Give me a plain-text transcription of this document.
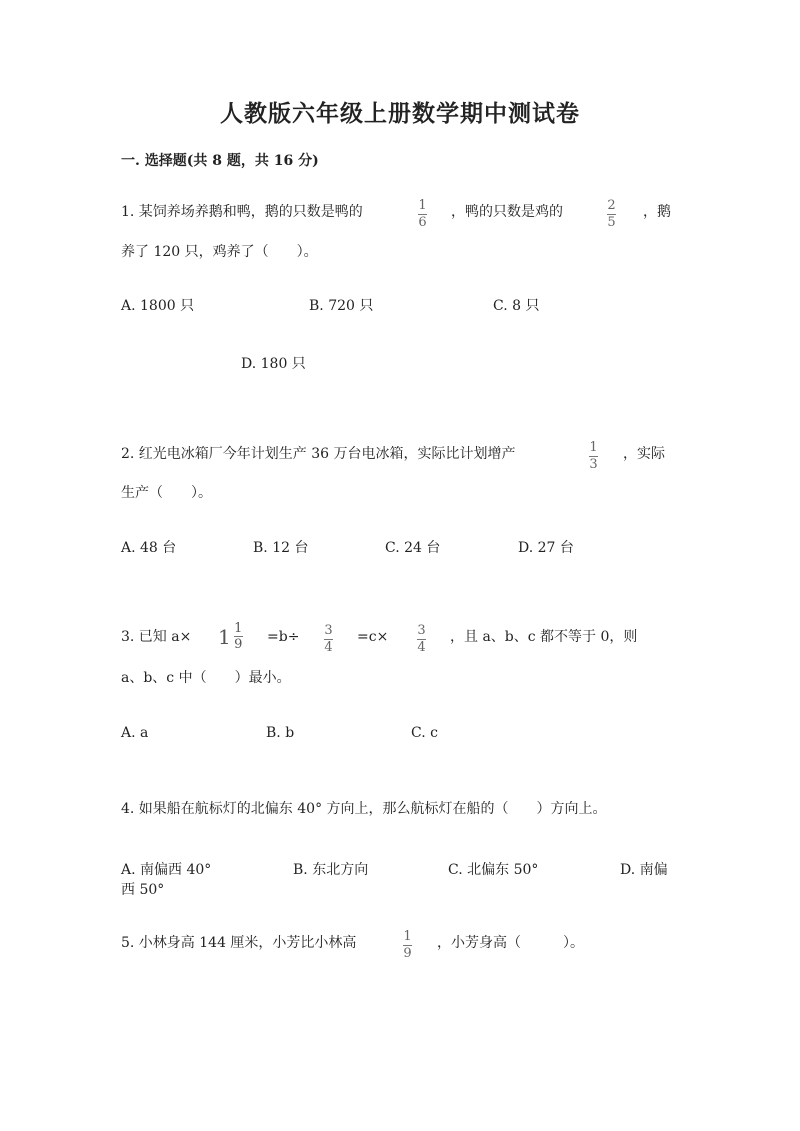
人教版六年级上册数学期中测试卷
一. 选择题(共 8 题，共 16 分)
1. 某饲养场养鹅和鸭，鹅的只数是鸭的	1
6
，鸭的只数是鸡的	2
5
，鹅
养了 120 只，鸡养了（　　）。
A. 1800 只	B. 720 只	C. 8 只
D. 180 只
2. 红光电冰箱厂今年计划生产 36 万台电冰箱，实际比计划增产	1
3
，实际
生产（　　）。
A. 48 台	B. 12 台	C. 24 台	D. 27 台
3. 已知 a× 1 1
9 =b÷ 3
4
=c× 3
4
，且 a、b、c 都不等于 0，则
a、b、c 中（　　）最小。
A. a	B. b	C. c
4. 如果船在航标灯的北偏东 40° 方向上，那么航标灯在船的（　　）方向上。
A. 南偏西 40°	B. 东北方向	C. 北偏东 50°	D. 南偏
西 50°
5. 小林身高 144 厘米，小芳比小林高	1
9
，小芳身高（　　　）。
